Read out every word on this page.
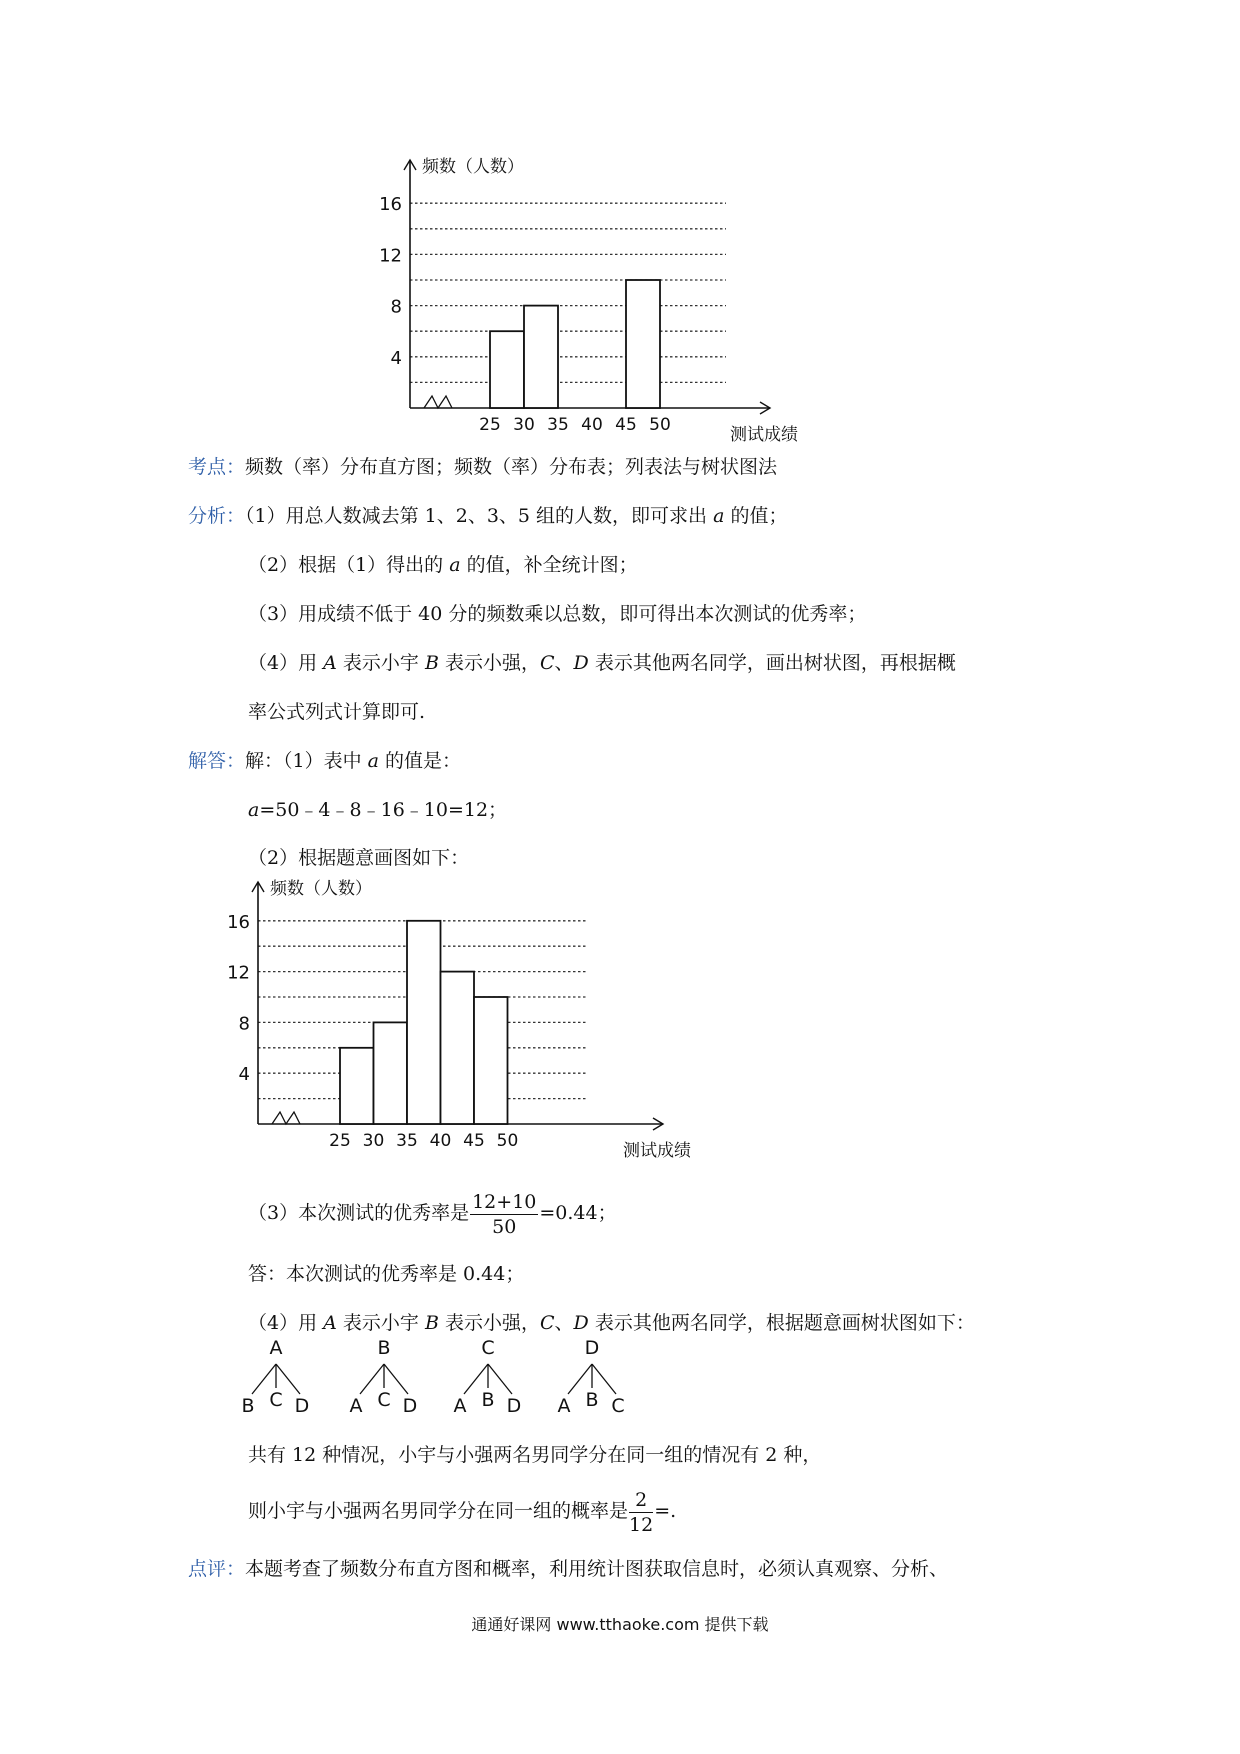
4
8
12
16
25 30 35 40 45 50
频数（人数）
测试成绩
考点：频数（率）分布直方图；频数（率）分布表；列表法与树状图法
分析：（1）用总人数减去第 1、2、3、5 组的人数，即可求出 a 的值；
（2）根据（1）得出的 a 的值，补全统计图；
（3）用成绩不低于 40 分的频数乘以总数，即可得出本次测试的优秀率；
（4）用 A 表示小宇 B 表示小强，C、D 表示其他两名同学，画出树状图，再根据概
率公式列式计算即可.
解答：解：（1）表中 a 的值是：
a=50﹣4﹣8﹣16﹣10=12；
（2）根据题意画图如下：
4
8
12
16
25 30 35 40 45 50
频数（人数）
测试成绩
（3）本次测试的优秀率是 $\frac{12+10}{50} =0.44$；
答：本次测试的优秀率是 0.44；
（4）用 A 表示小宇 B 表示小强，C、D 表示其他两名同学，根据题意画树状图如下：
A
B C D
B
A C D
C
A B D
D
A B C
共有 12 种情况，小宇与小强两名男同学分在同一组的情况有 2 种，
则小宇与小强两名男同学分在同一组的概率是 $\frac{2}{12}$ =.
点评：本题考查了频数分布直方图和概率，利用统计图获取信息时，必须认真观察、分析、
通通好课网 www.tthaoke.com 提供下载
